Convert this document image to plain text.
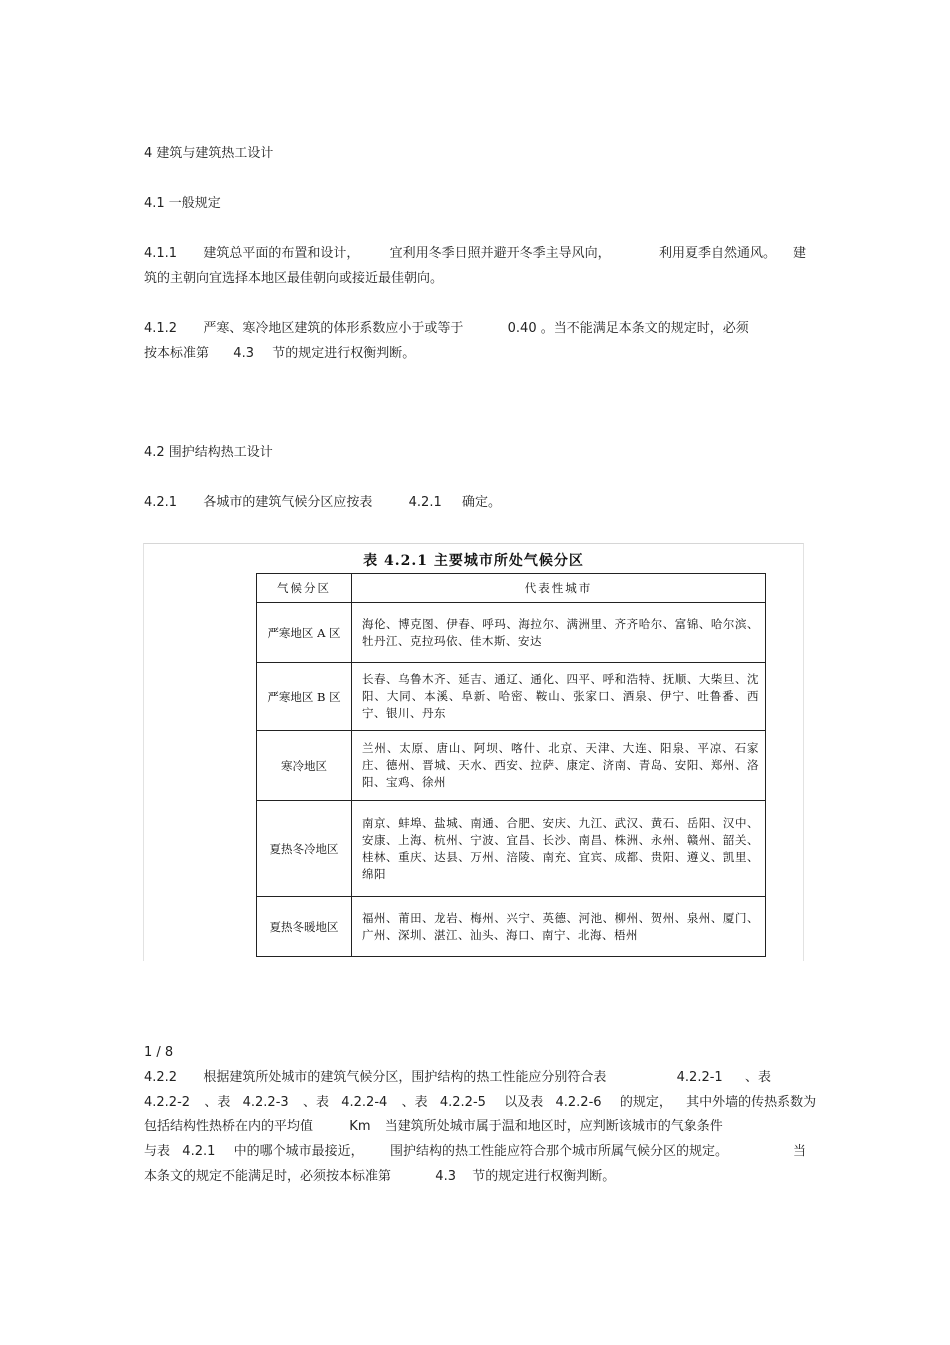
4 建筑与建筑热工设计
4.1 一般规定
4.1.1 建筑总平面的布置和设计， 宜利用冬季日照并避开冬季主导风向，	利用夏季自然通风。 建
筑的主朝向宜选择本地区最佳朝向或接近最佳朝向。
4.1.2 严寒、寒冷地区建筑的体形系数应小于或等于	0.40 。当不能满足本条文的规定时，必须
按本标准第 4.3 节的规定进行权衡判断。
4.2 围护结构热工设计
4.2.1 各城市的建筑气候分区应按表	4.2.1 确定。
表 4.2.1 主要城市所处气候分区
气候分区	代表性城市
严寒地区 A 区	海伦、博克图、伊春、呼玛、海拉尔、满洲里、齐齐哈尔、富锦、哈尔滨、牡丹江、克拉玛依、佳木斯、安达
严寒地区 B 区	长春、乌鲁木齐、延吉、通辽、通化、四平、呼和浩特、抚顺、大柴旦、沈阳、大同、本溪、阜新、哈密、鞍山、张家口、酒泉、伊宁、吐鲁番、西宁、银川、丹东
寒冷地区	兰州、太原、唐山、阿坝、喀什、北京、天津、大连、阳泉、平凉、石家庄、德州、晋城、天水、西安、拉萨、康定、济南、青岛、安阳、郑州、洛阳、宝鸡、徐州
夏热冬冷地区	南京、蚌埠、盐城、南通、合肥、安庆、九江、武汉、黄石、岳阳、汉中、安康、上海、杭州、宁波、宜昌、长沙、南昌、株洲、永州、赣州、韶关、桂林、重庆、达县、万州、涪陵、南充、宜宾、成都、贵阳、遵义、凯里、绵阳
夏热冬暖地区	福州、莆田、龙岩、梅州、兴宁、英德、河池、柳州、贺州、泉州、厦门、广州、深圳、湛江、汕头、海口、南宁、北海、梧州
1 / 8
4.2.2 根据建筑所处城市的建筑气候分区，围护结构的热工性能应分别符合表	4.2.2-1 、表
4.2.2-2 、表 4.2.2-3 、表 4.2.2-4 、表 4.2.2-5 以及表 4.2.2-6 的规定， 其中外墙的传热系数为
包括结构性热桥在内的平均值	Km 当建筑所处城市属于温和地区时，应判断该城市的气象条件
与表 4.2.1 中的哪个城市最接近， 围护结构的热工性能应符合那个城市所属气候分区的规定。	当
本条文的规定不能满足时，必须按本标准第	4.3 节的规定进行权衡判断。
